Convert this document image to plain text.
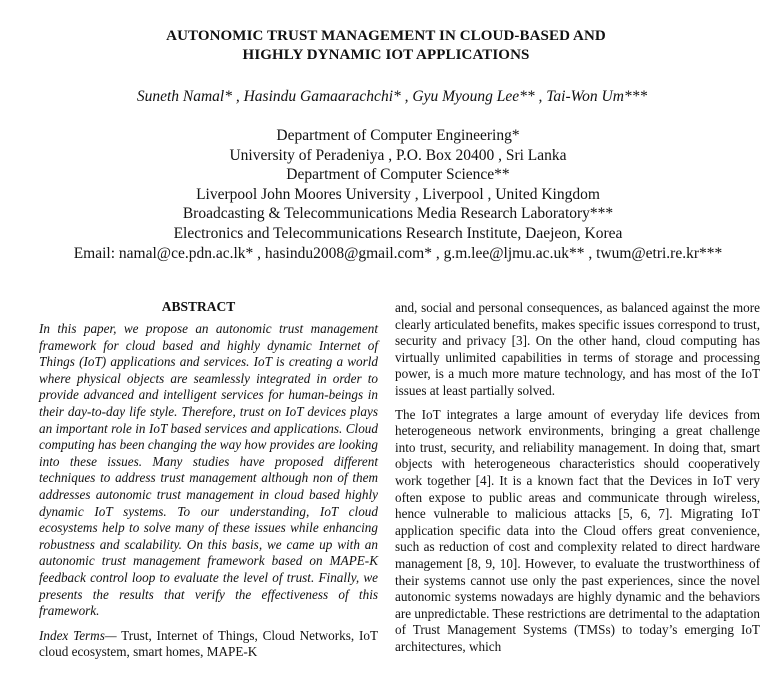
AUTONOMIC TRUST MANAGEMENT IN CLOUD-BASED AND
HIGHLY DYNAMIC IOT APPLICATIONS
Suneth Namal* , Hasindu Gamaarachchi* , Gyu Myoung Lee** , Tai-Won Um***
Department of Computer Engineering*
University of Peradeniya , P.O. Box 20400 , Sri Lanka
Department of Computer Science**
Liverpool John Moores University , Liverpool , United Kingdom
Broadcasting & Telecommunications Media Research Laboratory***
Electronics and Telecommunications Research Institute, Daejeon, Korea
Email: namal@ce.pdn.ac.lk* , hasindu2008@gmail.com* , g.m.lee@ljmu.ac.uk** , twum@etri.re.kr***
ABSTRACT

In this paper, we propose an autonomic trust management framework for cloud based and highly dynamic Internet of Things (IoT) applications and services. IoT is creating a world where physical objects are seamlessly integrated in order to provide advanced and intelligent services for human-beings in their day-to-day life style. Therefore, trust on IoT devices plays an important role in IoT based services and applications. Cloud computing has been changing the way how provides are looking into these issues. Many studies have proposed different techniques to address trust management although non of them addresses autonomic trust management in cloud based highly dynamic IoT systems. To our understanding, IoT cloud ecosystems help to solve many of these issues while enhancing robustness and scalability. On this basis, we came up with an autonomic trust management framework based on MAPE-K feedback control loop to evaluate the level of trust. Finally, we presents the results that verify the effectiveness of this framework.

Index Terms— Trust, Internet of Things, Cloud Networks, IoT cloud ecosystem, smart homes, MAPE-K

and, social and personal consequences, as balanced against the more clearly articulated benefits, makes specific issues correspond to trust, security and privacy [3]. On the other hand, cloud computing has virtually unlimited capabilities in terms of storage and processing power, is a much more mature technology, and has most of the IoT issues at least partially solved.

The IoT integrates a large amount of everyday life devices from heterogeneous network environments, bringing a great challenge into trust, security, and reliability management. In doing that, smart objects with heterogeneous characteristics should cooperatively work together [4]. It is a known fact that the Devices in IoT very often expose to public areas and communicate through wireless, hence vulnerable to malicious attacks [5, 6, 7]. Migrating IoT application specific data into the Cloud offers great convenience, such as reduction of cost and complexity related to direct hardware management [8, 9, 10]. However, to evaluate the trustworthiness of their systems cannot use only the past experiences, since the novel autonomic systems nowadays are highly dynamic and the behaviors are unpredictable. These restrictions are detrimental to the adaptation of Trust Management Systems (TMSs) to today’s emerging IoT architectures, which
